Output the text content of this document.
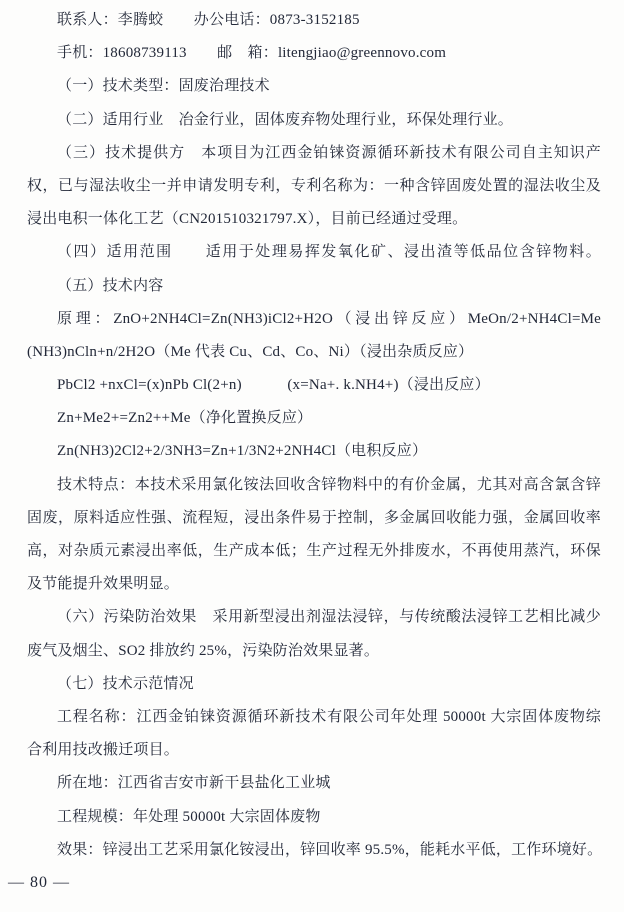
联系人：李腾蛟　　办公电话：0873-3152185
手机：18608739113　　邮　箱：litengjiao@greennovo.com
（一）技术类型：固废治理技术
（二）适用行业　冶金行业，固体废弃物处理行业，环保处理行业。
（三）技术提供方　本项目为江西金铂铼资源循环新技术有限公司自主知识产
权，已与湿法收尘一并申请发明专利，专利名称为：一种含锌固废处置的湿法收尘及
浸出电积一体化工艺（CN201510321797.X），目前已经通过受理。
（四）适用范围　　适用于处理易挥发氧化矿、浸出渣等低品位含锌物料。
（五）技术内容
原理：ZnO+2NH4Cl=Zn(NH3)iCl2+H2O（浸出锌反应）MeOn/2+NH4Cl=Me
(NH3)nCln+n/2H2O（Me 代表 Cu、Cd、Co、Ni）（浸出杂质反应）
PbCl2 +nxCl=(x)nPb Cl(2+n)　　　(x=Na+. k.NH4+)（浸出反应）
Zn+Me2+=Zn2++Me（净化置换反应）
Zn(NH3)2Cl2+2/3NH3=Zn+1/3N2+2NH4Cl（电积反应）
技术特点：本技术采用氯化铵法回收含锌物料中的有价金属，尤其对高含氯含锌
固废，原料适应性强、流程短，浸出条件易于控制，多金属回收能力强，金属回收率
高，对杂质元素浸出率低，生产成本低；生产过程无外排废水，不再使用蒸汽，环保
及节能提升效果明显。
（六）污染防治效果　采用新型浸出剂湿法浸锌，与传统酸法浸锌工艺相比减少
废气及烟尘、SO2 排放约 25%，污染防治效果显著。
（七）技术示范情况
工程名称：江西金铂铼资源循环新技术有限公司年处理 50000t 大宗固体废物综
合利用技改搬迁项目。
所在地：江西省吉安市新干县盐化工业城
工程规模：年处理 50000t 大宗固体废物
效果：锌浸出工艺采用氯化铵浸出，锌回收率 95.5%，能耗水平低，工作环境好。
— 80 —
